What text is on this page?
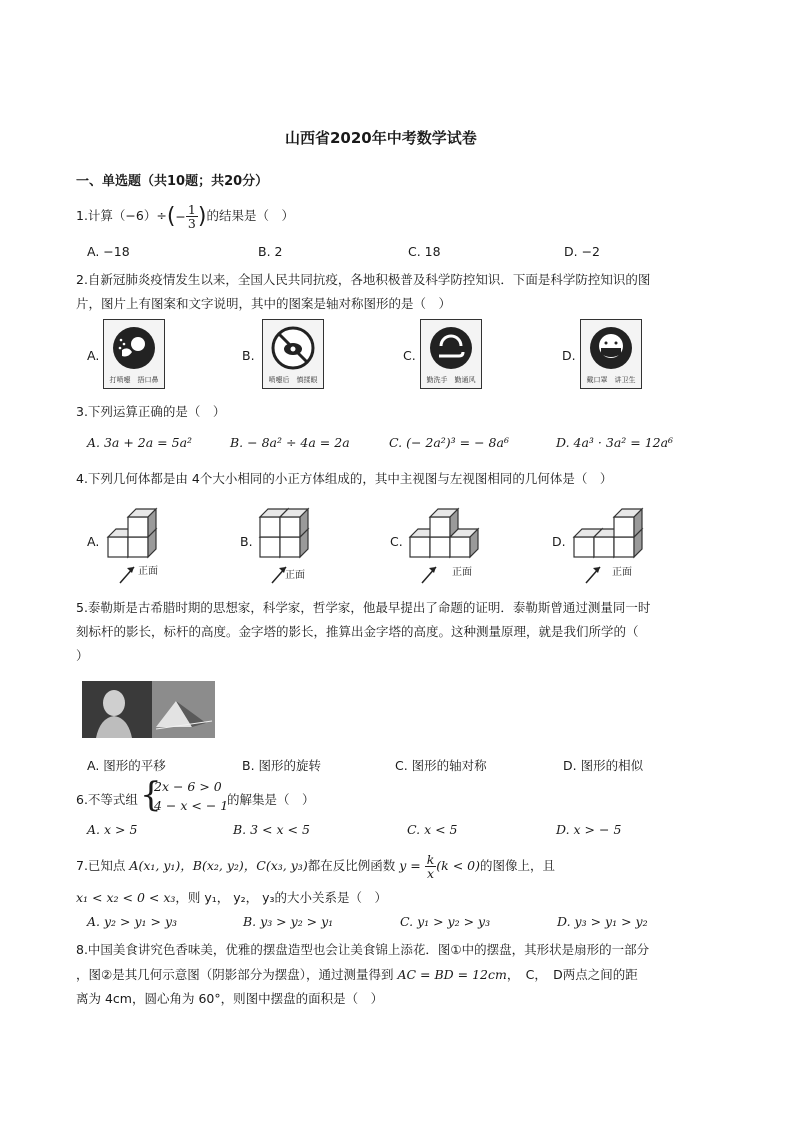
山西省2020年中考数学试卷
一、单选题（共10题；共20分）
1.计算$(-6)\div(- \frac{1}{3}$ )的结果是（　）
A. −18	B. 2	C. 18	D. −2
2.自新冠肺炎疫情发生以来，全国人民共同抗疫，各地积极普及科学防控知识．下面是科学防控知识的图
片，图片上有图案和文字说明，其中的图案是轴对称图形的是（　）
A.
打喷嚏　捂口鼻
B.
喷嚏后　慎揉眼
C.
勤洗手　勤通风
D.
戴口罩　讲卫生
3.下列运算正确的是（　）
A. 3a + 2a = 5a²	B. − 8a² ÷ 4a = 2a	C. (− 2a²)³ = − 8a⁶	D. 4a³ · 3a² = 12a⁶
4.下列几何体都是由 4个大小相同的小正方体组成的，其中主视图与左视图相同的几何体是（　）
A.
正面
B.
正面
C.
正面
D.
正面
5.泰勒斯是古希腊时期的思想家，科学家，哲学家，他最早提出了命题的证明．泰勒斯曾通过测量同一时
刻标杆的影长，标杆的高度。金字塔的影长，推算出金字塔的高度。这种测量原理，就是我们所学的（
）
A. 图形的平移	B. 图形的旋转	C. 图形的轴对称	D. 图形的相似
6.不等式组 {
2x − 6 > 0
4 − x < − 1
的解集是（　）
A. x > 5	B. 3 < x < 5	C. x < 5	D. x > − 5
7.已知点 A(x₁, y₁)，B(x₂, y₂)，C(x₃, y₃)都在反比例函数 $y = \frac{k}{x} (k < 0)$的图像上，且
x₁ < x₂ < 0 < x₃，则 y₁， y₂， y₃的大小关系是（　）
A. y₂ > y₁ > y₃	B. y₃ > y₂ > y₁	C. y₁ > y₂ > y₃	D. y₃ > y₁ > y₂
8.中国美食讲究色香味美，优雅的摆盘造型也会让美食锦上添花．图①中的摆盘，其形状是扇形的一部分
，图②是其几何示意图（阴影部分为摆盘），通过测量得到 AC = BD = 12cm，　C，　D两点之间的距
离为 4cm，圆心角为 60°，则图中摆盘的面积是（　）
